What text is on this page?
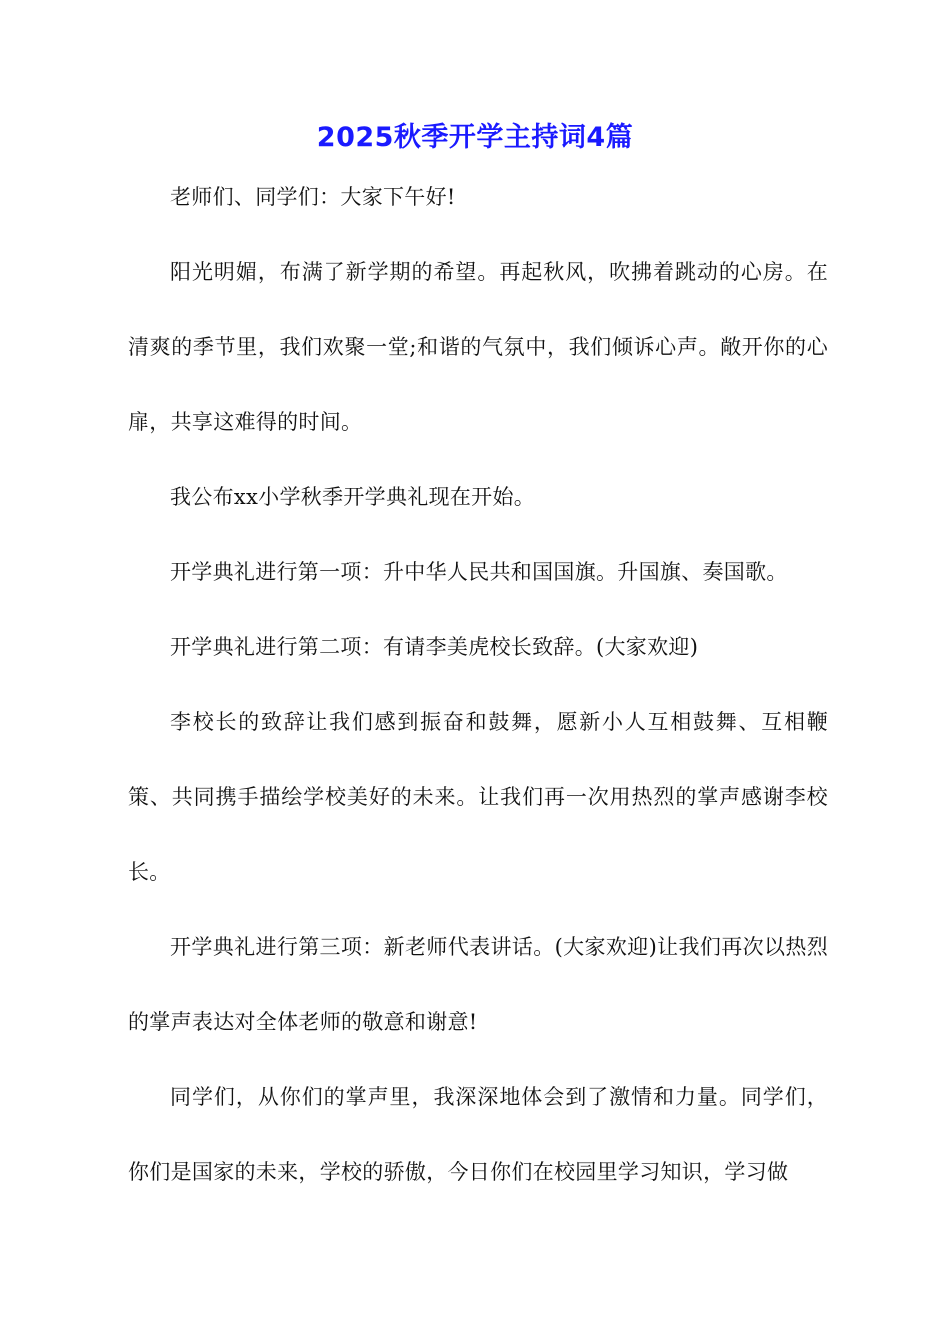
2025秋季开学主持词4篇

老师们、同学们：大家下午好!

阳光明媚，布满了新学期的希望。再起秋风，吹拂着跳动的心房。在清爽的季节里，我们欢聚一堂;和谐的气氛中，我们倾诉心声。敞开你的心扉，共享这难得的时间。

我公布xx小学秋季开学典礼现在开始。

开学典礼进行第一项：升中华人民共和国国旗。升国旗、奏国歌。

开学典礼进行第二项：有请李美虎校长致辞。(大家欢迎)

李校长的致辞让我们感到振奋和鼓舞，愿新小人互相鼓舞、互相鞭策、共同携手描绘学校美好的未来。让我们再一次用热烈的掌声感谢李校长。

开学典礼进行第三项：新老师代表讲话。(大家欢迎)让我们再次以热烈的掌声表达对全体老师的敬意和谢意!

同学们，从你们的掌声里，我深深地体会到了激情和力量。同学们，你们是国家的未来，学校的骄傲，今日你们在校园里学习知识，学习做
